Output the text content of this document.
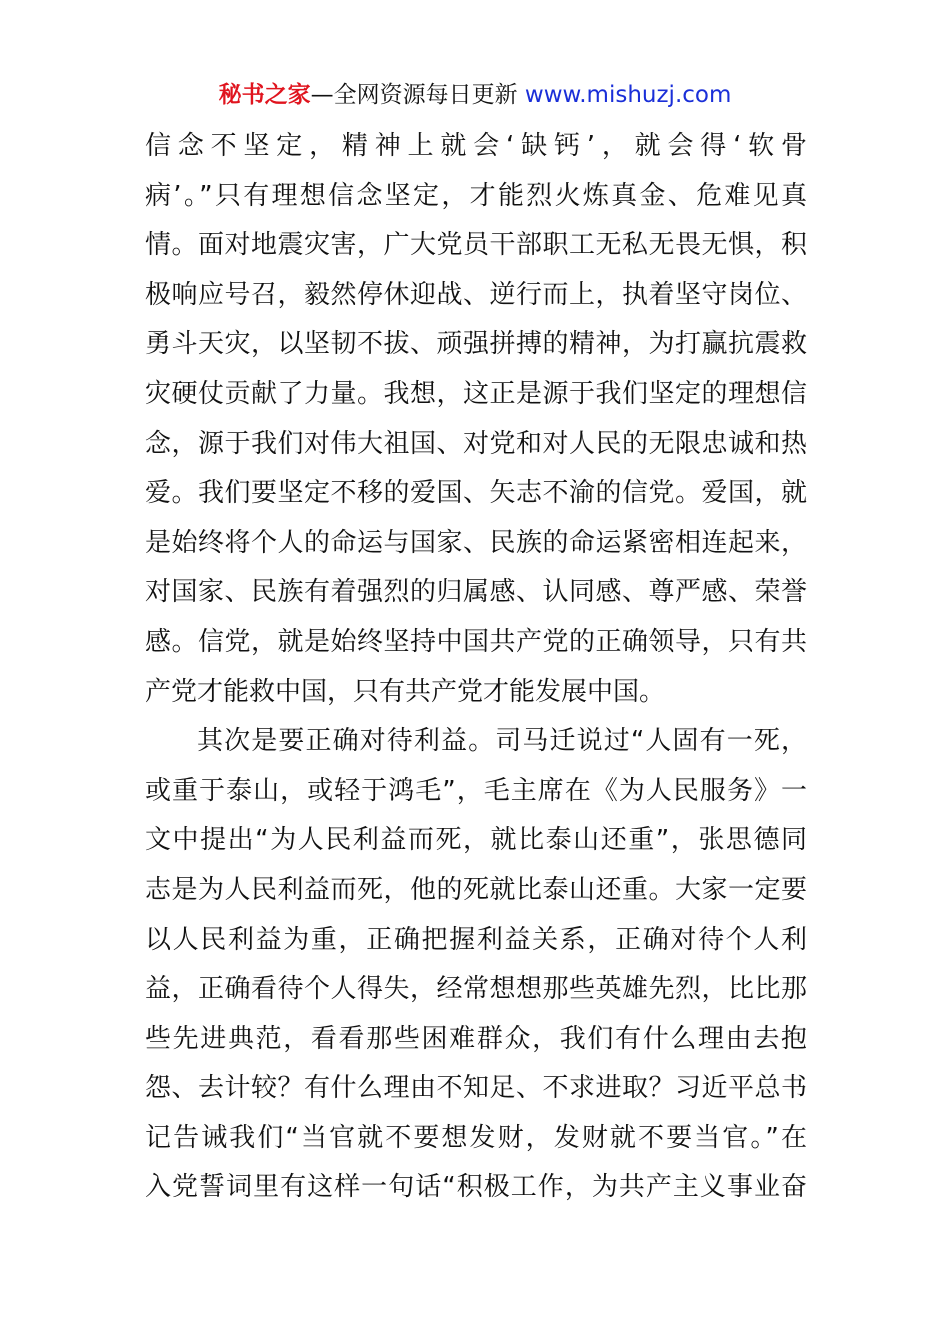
秘书之家—全网资源每日更新 www.mishuzj.com
信念不坚定，精神上就会‘缺钙’，就会得‘软骨
病’。”只有理想信念坚定，才能烈火炼真金、危难见真
情。面对地震灾害，广大党员干部职工无私无畏无惧，积
极响应号召，毅然停休迎战、逆行而上，执着坚守岗位、
勇斗天灾，以坚韧不拔、顽强拼搏的精神，为打赢抗震救
灾硬仗贡献了力量。我想，这正是源于我们坚定的理想信
念，源于我们对伟大祖国、对党和对人民的无限忠诚和热
爱。我们要坚定不移的爱国、矢志不渝的信党。爱国，就
是始终将个人的命运与国家、民族的命运紧密相连起来，
对国家、民族有着强烈的归属感、认同感、尊严感、荣誉
感。信党，就是始终坚持中国共产党的正确领导，只有共
产党才能救中国，只有共产党才能发展中国。
其次是要正确对待利益。司马迁说过“人固有一死，
或重于泰山，或轻于鸿毛”，毛主席在《为人民服务》一
文中提出“为人民利益而死，就比泰山还重”，张思德同
志是为人民利益而死，他的死就比泰山还重。大家一定要
以人民利益为重，正确把握利益关系，正确对待个人利
益，正确看待个人得失，经常想想那些英雄先烈，比比那
些先进典范，看看那些困难群众，我们有什么理由去抱
怨、去计较？有什么理由不知足、不求进取？习近平总书
记告诫我们“当官就不要想发财，发财就不要当官。”在
入党誓词里有这样一句话“积极工作，为共产主义事业奋
